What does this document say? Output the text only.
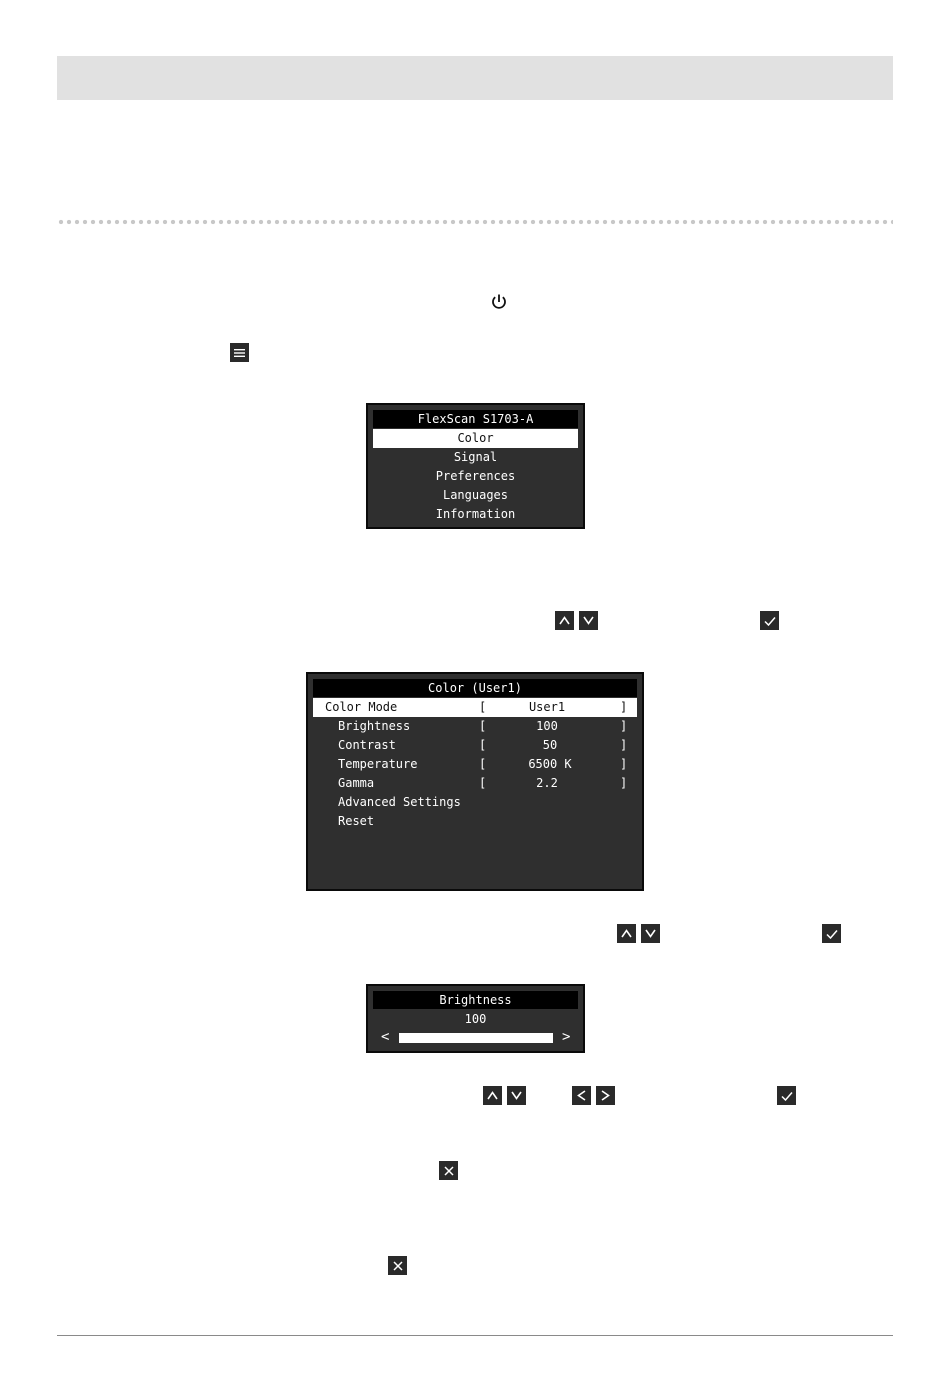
FlexScan S1703-A
Color
Signal
Preferences
Languages
Information
Color (User1)
Color Mode	[	User1	]
Brightness	[	100	]
Contrast	[	50	]
Temperature	[	6500 K	]
Gamma	[	2.2	]
Advanced Settings
Reset
Brightness
100
<	>
